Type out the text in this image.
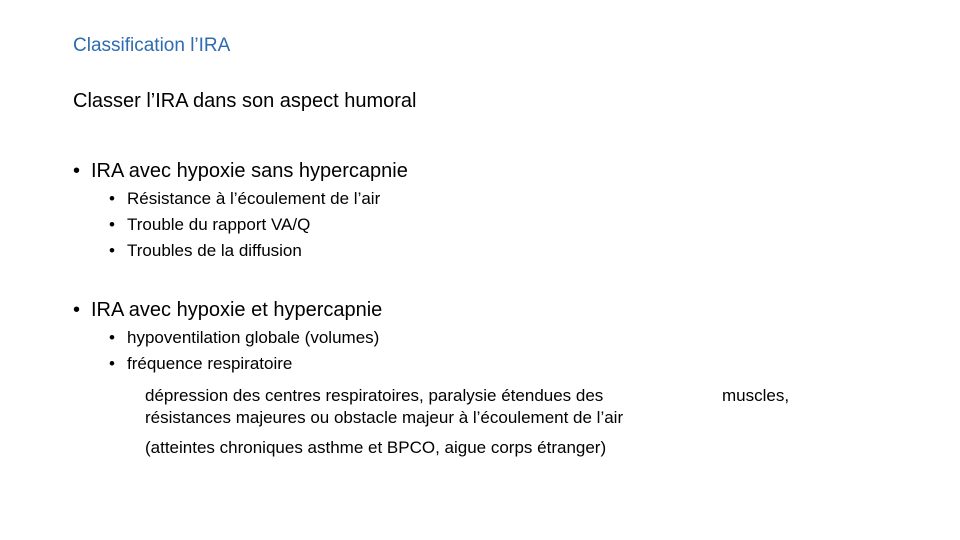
Classification l’IRA
Classer l’IRA dans son aspect humoral
• IRA avec hypoxie sans hypercapnie
• Résistance à l’écoulement de l’air
• Trouble du rapport VA/Q
• Troubles de la diffusion
• IRA avec hypoxie et hypercapnie
• hypoventilation globale (volumes)
• fréquence respiratoire
dépression des centres respiratoires, paralysie étendues des	muscles,
résistances majeures ou obstacle majeur à l’écoulement de l’air
(atteintes chroniques asthme et BPCO, aigue corps étranger)
